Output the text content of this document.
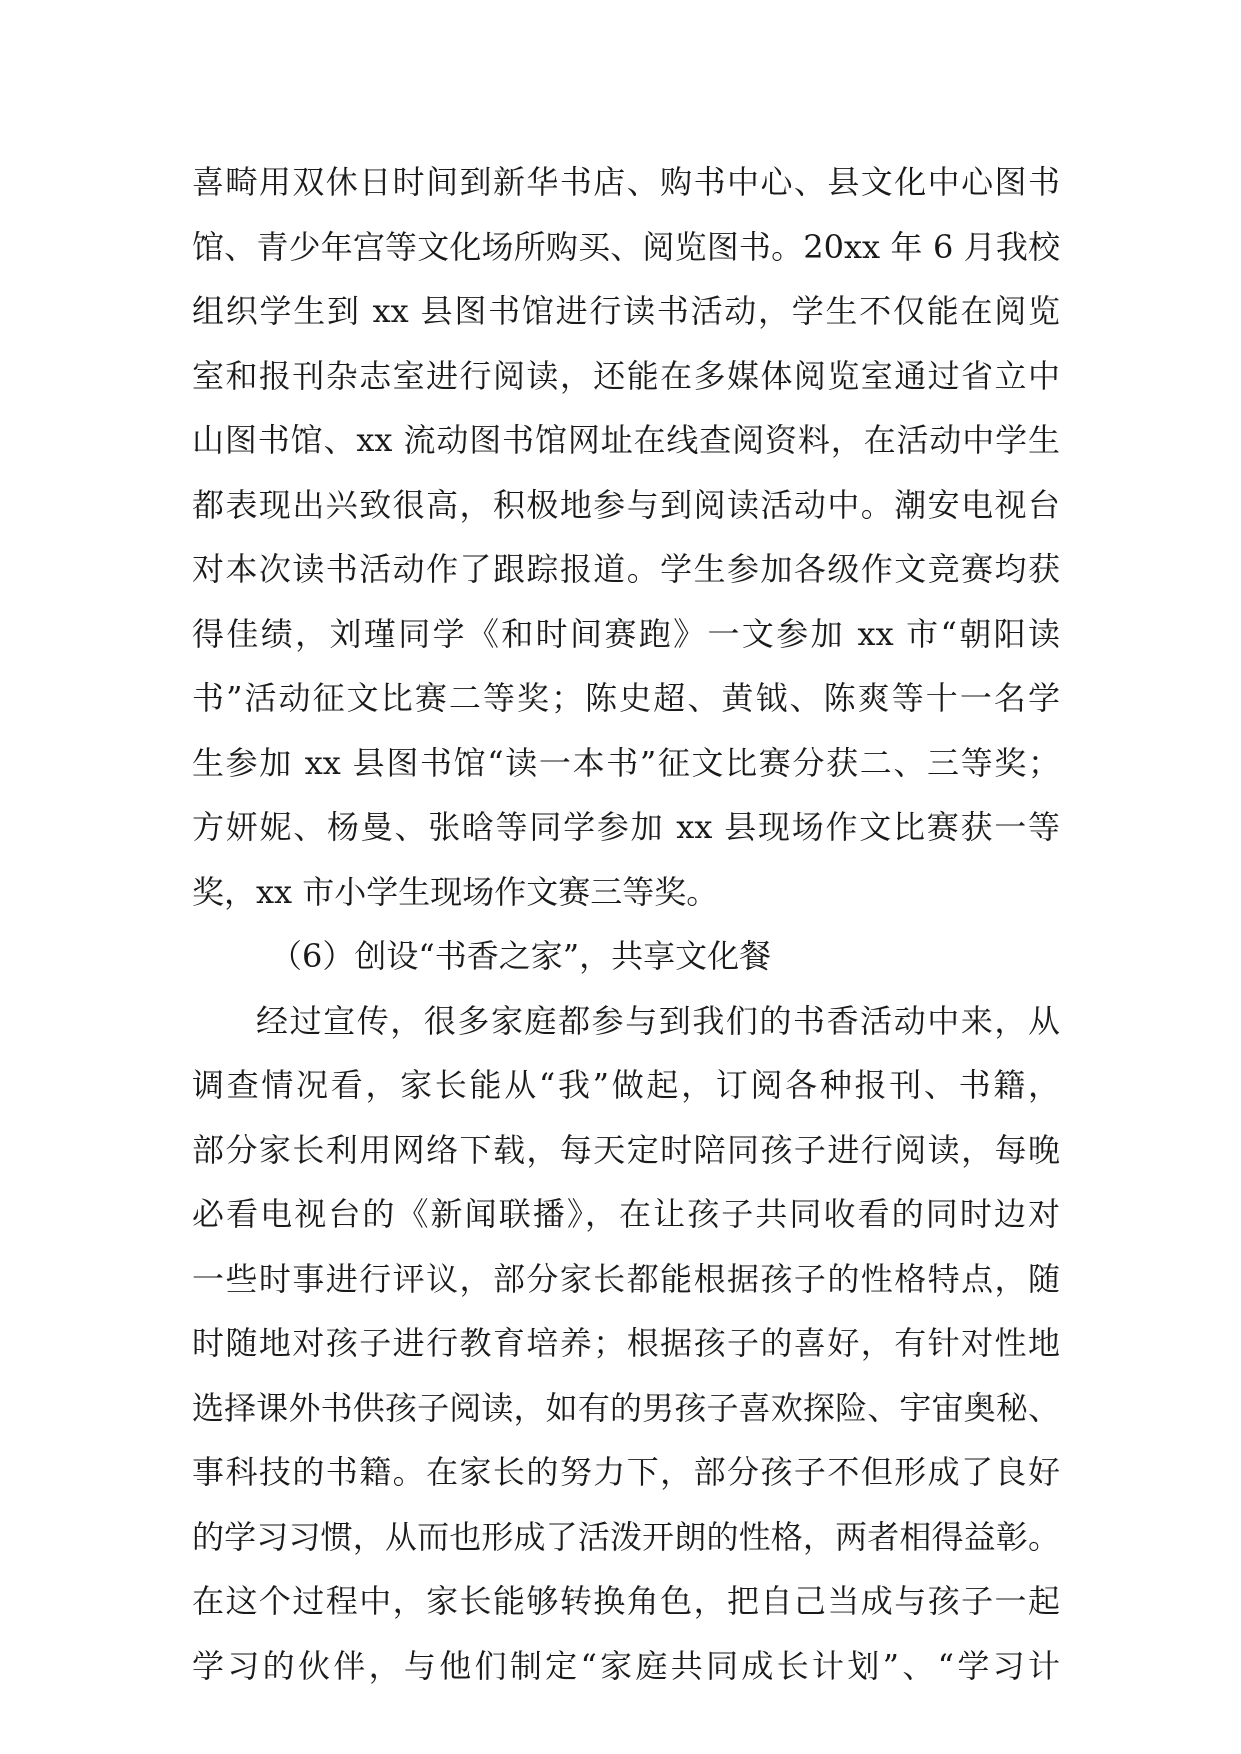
喜畸用双休日时间到新华书店、购书中心、县文化中心图书
馆、青少年宫等文化场所购买、阅览图书。20xx 年 6 月我校
组织学生到 xx 县图书馆进行读书活动，学生不仅能在阅览
室和报刊杂志室进行阅读，还能在多媒体阅览室通过省立中
山图书馆、xx 流动图书馆网址在线查阅资料，在活动中学生
都表现出兴致很高，积极地参与到阅读活动中。潮安电视台
对本次读书活动作了跟踪报道。学生参加各级作文竞赛均获
得佳绩，刘瑾同学《和时间赛跑》一文参加 xx 市“朝阳读
书”活动征文比赛二等奖；陈史超、黄钺、陈爽等十一名学
生参加 xx 县图书馆“读一本书”征文比赛分获二、三等奖；
方妍妮、杨曼、张晗等同学参加 xx 县现场作文比赛获一等
奖，xx 市小学生现场作文赛三等奖。
（6）创设“书香之家”，共享文化餐
经过宣传，很多家庭都参与到我们的书香活动中来，从
调查情况看，家长能从“我”做起，订阅各种报刊、书籍，
部分家长利用网络下载，每天定时陪同孩子进行阅读，每晚
必看电视台的《新闻联播》，在让孩子共同收看的同时边对
一些时事进行评议，部分家长都能根据孩子的性格特点，随
时随地对孩子进行教育培养；根据孩子的喜好，有针对性地
选择课外书供孩子阅读，如有的男孩子喜欢探险、宇宙奥秘、
事科技的书籍。在家长的努力下，部分孩子不但形成了良好
的学习习惯，从而也形成了活泼开朗的性格，两者相得益彰。
在这个过程中，家长能够转换角色，把自己当成与孩子一起
学习的伙伴，与他们制定“家庭共同成长计划”、“学习计
